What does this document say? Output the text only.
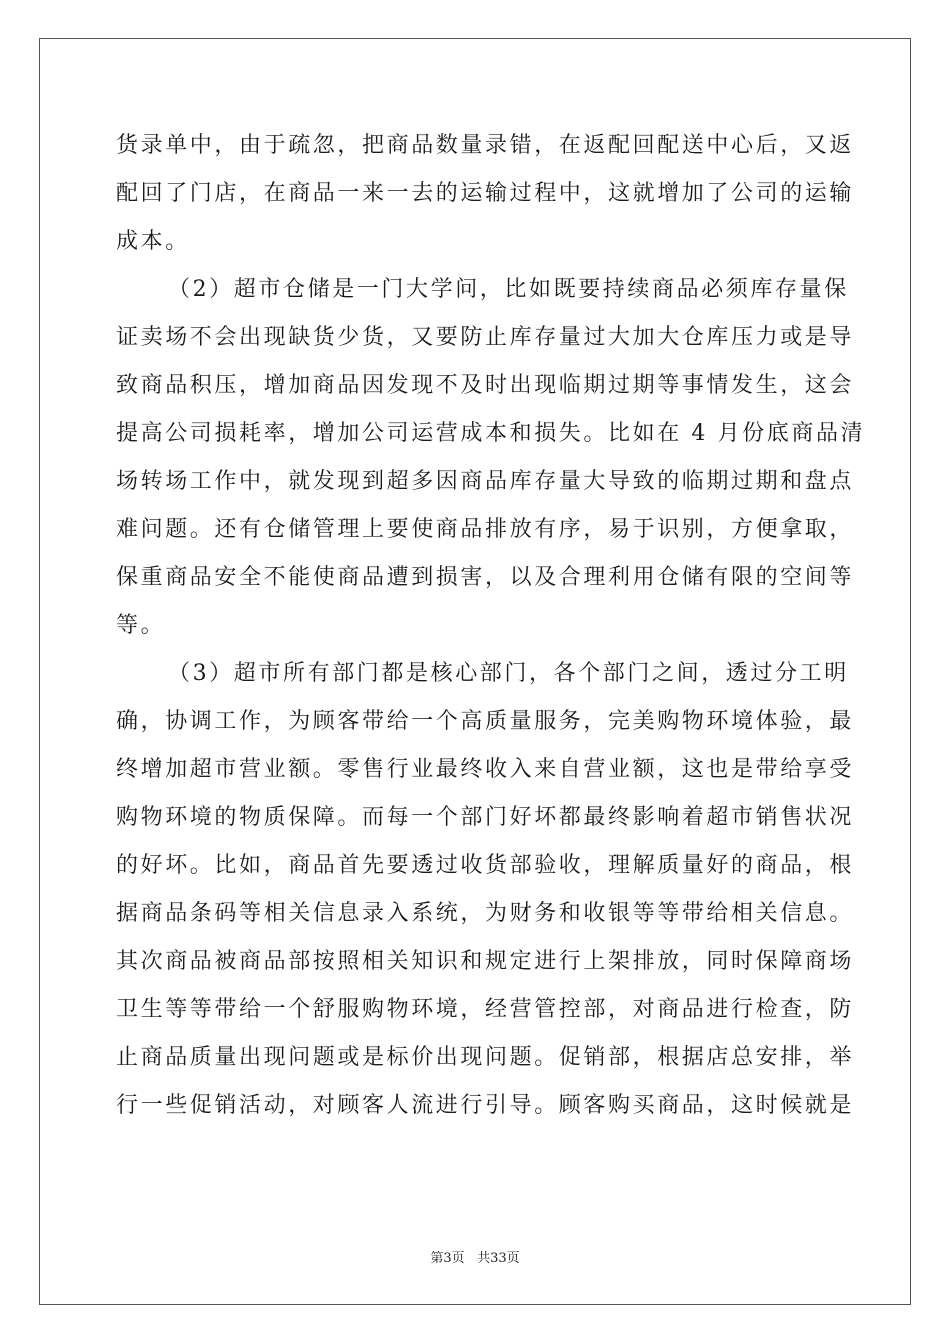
货录单中，由于疏忽，把商品数量录错，在返配回配送中心后，又返
配回了门店，在商品一来一去的运输过程中，这就增加了公司的运输
成本。
（2）超市仓储是一门大学问，比如既要持续商品必须库存量保
证卖场不会出现缺货少货，又要防止库存量过大加大仓库压力或是导
致商品积压，增加商品因发现不及时出现临期过期等事情发生，这会
提高公司损耗率，增加公司运营成本和损失。比如在 4 月份底商品清
场转场工作中，就发现到超多因商品库存量大导致的临期过期和盘点
难问题。还有仓储管理上要使商品排放有序，易于识别，方便拿取，
保重商品安全不能使商品遭到损害，以及合理利用仓储有限的空间等
等。
（3）超市所有部门都是核心部门，各个部门之间，透过分工明
确，协调工作，为顾客带给一个高质量服务，完美购物环境体验，最
终增加超市营业额。零售行业最终收入来自营业额，这也是带给享受
购物环境的物质保障。而每一个部门好坏都最终影响着超市销售状况
的好坏。比如，商品首先要透过收货部验收，理解质量好的商品，根
据商品条码等相关信息录入系统，为财务和收银等等带给相关信息。
其次商品被商品部按照相关知识和规定进行上架排放，同时保障商场
卫生等等带给一个舒服购物环境，经营管控部，对商品进行检查，防
止商品质量出现问题或是标价出现问题。促销部，根据店总安排，举
行一些促销活动，对顾客人流进行引导。顾客购买商品，这时候就是
第3页 共33页
